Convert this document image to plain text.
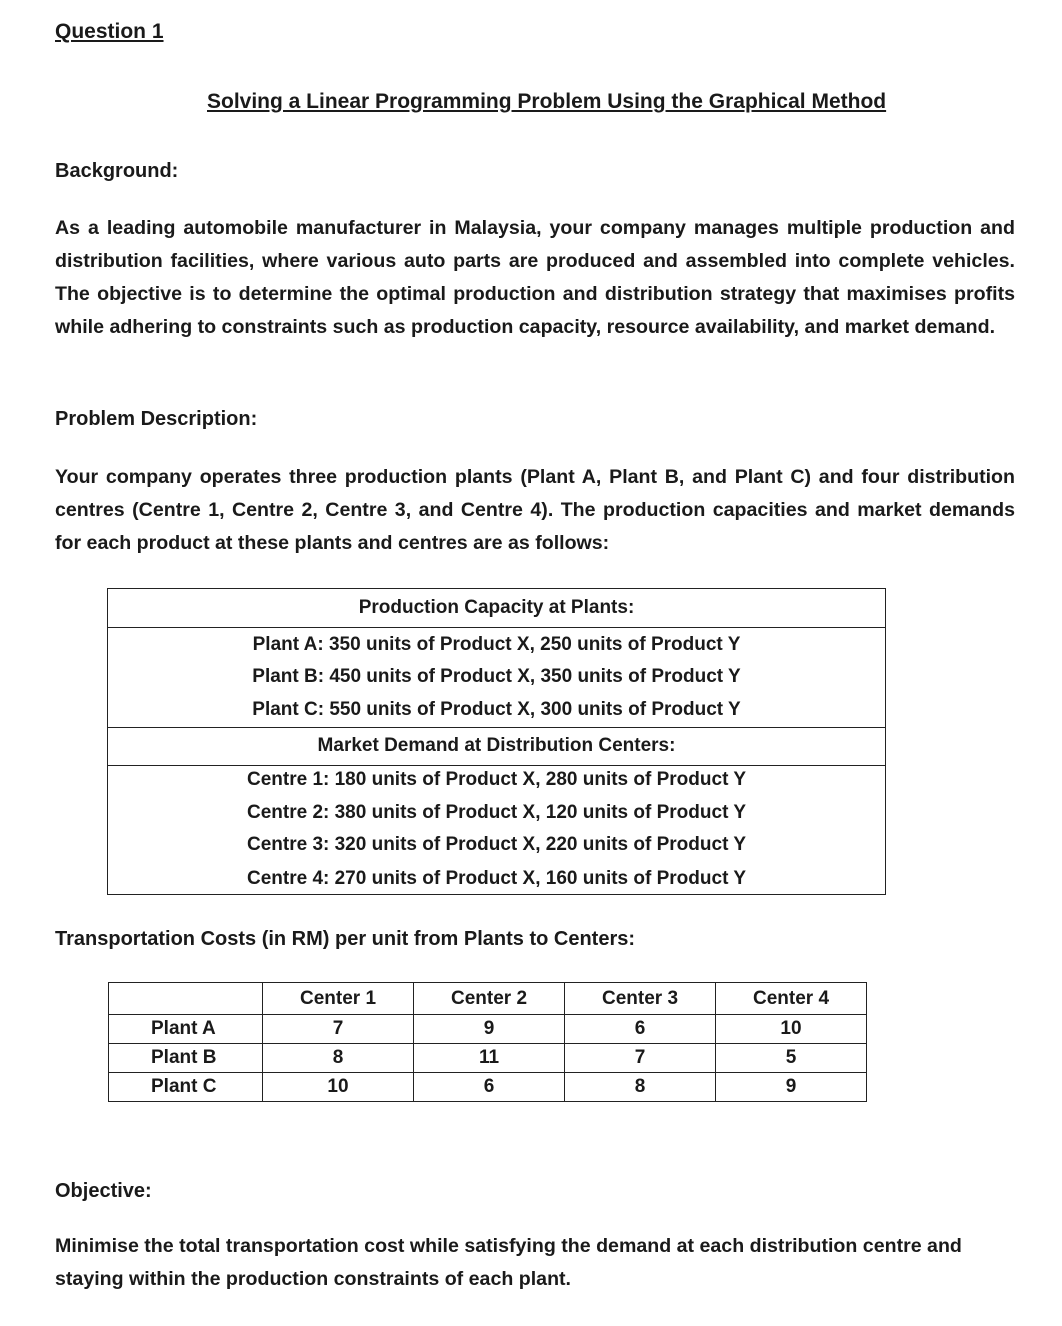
Question 1
Solving a Linear Programming Problem Using the Graphical Method
Background:
As a leading automobile manufacturer in Malaysia, your company manages multiple production and distribution facilities, where various auto parts are produced and assembled into complete vehicles. The objective is to determine the optimal production and distribution strategy that maximises profits while adhering to constraints such as production capacity, resource availability, and market demand.
Problem Description:
Your company operates three production plants (Plant A, Plant B, and Plant C) and four distribution centres (Centre 1, Centre 2, Centre 3, and Centre 4). The production capacities and market demands for each product at these plants and centres are as follows:
Production Capacity at Plants:
Plant A: 350 units of Product X, 250 units of Product Y
Plant B: 450 units of Product X, 350 units of Product Y
Plant C: 550 units of Product X, 300 units of Product Y
Market Demand at Distribution Centers:
Centre 1: 180 units of Product X, 280 units of Product Y
Centre 2: 380 units of Product X, 120 units of Product Y
Centre 3: 320 units of Product X, 220 units of Product Y
Centre 4: 270 units of Product X, 160 units of Product Y
Transportation Costs (in RM) per unit from Plants to Centers:
	Center 1	Center 2	Center 3	Center 4
Plant A	7	9	6	10
Plant B	8	11	7	5
Plant C	10	6	8	9
Objective:
Minimise the total transportation cost while satisfying the demand at each distribution centre and staying within the production constraints of each plant.
